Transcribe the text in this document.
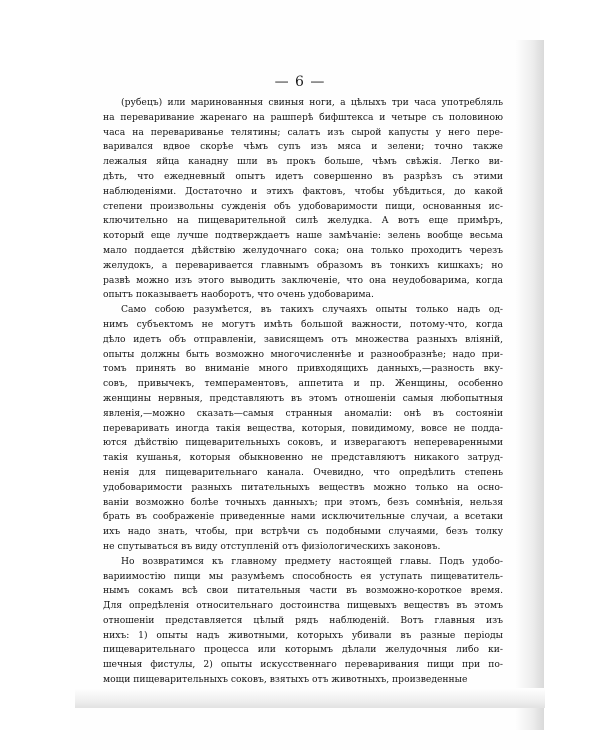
— 6 —
(рубецъ) или маринованныя свиныя ноги, а цѣлыхъ три часа употребляль
на переваривание жаренаго на рашперѣ бифштекса и четыре съ половиною
часа на перевариванье телятины; салатъ изъ сырой капусты у него пере-
варивался вдвое скорѣе чѣмъ супъ изъ мяса и зелени; точно также
лежалыя яйца канадну шли въ прокъ больше, чѣмъ свѣжія. Легко ви-
дѣть, что ежедневный опытъ идетъ совершенно въ разрѣзъ съ этими
наблюденіями. Достаточно и этихъ фактовъ, чтобы убѣдиться, до какой
степени произвольны сужденія объ удобоваримости пищи, основанныя ис-
ключительно на пищеварительной силѣ желудка. А вотъ еще примѣръ,
который еще лучше подтверждаетъ наше замѣчаніе: зелень вообще весьма
мало поддается дѣйствію желудочнаго сока; она только проходитъ черезъ
желудокъ, а переваривается главнымъ образомъ въ тонкихъ кишкахъ; но
развѣ можно изъ этого выводить заключеніе, что она неудобоварима, когда
опытъ показываетъ наоборотъ, что очень удобоварима.
Само собою разумѣется, въ такихъ случаяхъ опыты только надъ од-
нимъ субъектомъ не могутъ имѣть большой важности, потому-что, когда
дѣло идетъ объ отправленіи, зависящемъ отъ множества разныхъ вліяній,
опыты должны быть возможно многочисленнѣе и разнообразнѣе; надо при-
томъ принять во вниманіе много привходящихъ данныхъ,—разность вку-
совъ, привычекъ, темпераментовъ, аппетита и пр. Женщины, особенно
женщины нервныя, представляютъ въ этомъ отношеніи самыя любопытныя
явленія,—можно сказать—самыя странныя аномаліи: онѣ въ состояніи
переваривать иногда такія вещества, которыя, повидимому, вовсе не подда-
ются дѣйствію пищеварительныхъ соковъ, и изверагаютъ непереваренными
такія кушанья, которыя обыкновенно не представляютъ никакого затруд-
ненія для пищеварительнаго канала. Очевидно, что опредѣлить степень
удобоваримости разныхъ питательныхъ веществъ можно только на осно-
ваніи возможно болѣе точныхъ данныхъ; при этомъ, безъ сомнѣнія, нельзя
брать въ соображеніе приведенные нами исключительные случаи, а всетаки
ихъ надо знать, чтобы, при встрѣчи съ подобными случаями, безъ толку
не спутываться въ виду отступленій отъ физіологическихъ законовъ.
Но возвратимся къ главному предмету настоящей главы. Подъ удобо-
вариимостію пищи мы разумѣемъ способность ея уступать пищеватитель-
нымъ сокамъ всѣ свои питательныя части въ возможно-короткое время.
Для опредѣленія относительнаго достоинства пищевыхъ веществъ въ этомъ
отношеніи представляется цѣлый рядъ наблюденій. Вотъ главныя изъ
нихъ: 1) опыты надъ животными, которыхъ убивали въ разные періоды
пищеварительнаго процесса или которымъ дѣлали желудочныя либо ки-
шечныя фистулы, 2) опыты искусственнаго переваривания пищи при по-
мощи пищеварительныхъ соковъ, взятыхъ отъ животныхъ, произведенные
